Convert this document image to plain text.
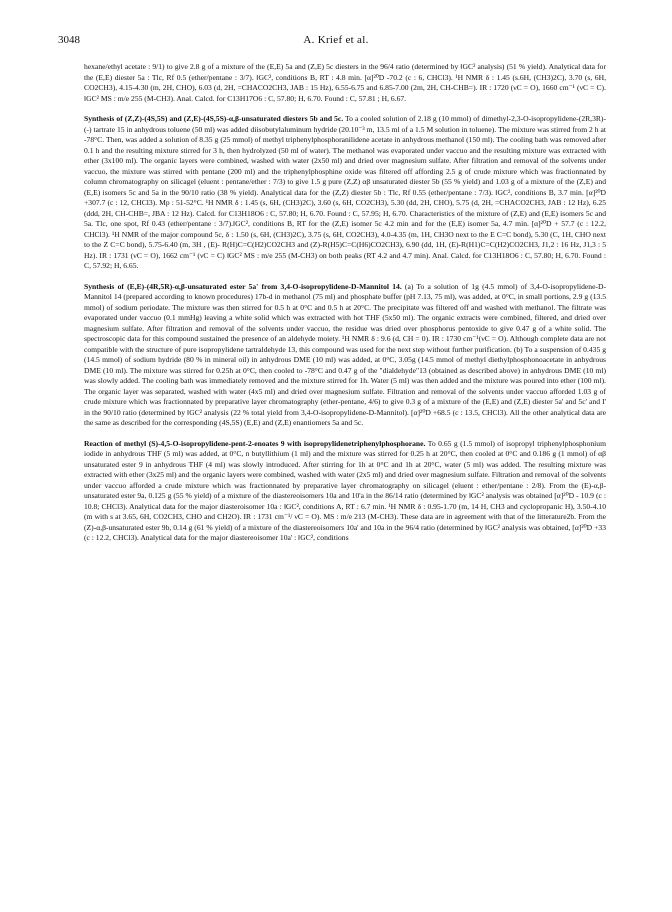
3048	A. Krief et al.

hexane/ethyl acetate : 9/1) to give 2.8 g of a mixture of the (E,E) 5a and (Z,E) 5c diesters in the 96/4 ratio (determined by ǁGC² analysis) (51 % yield). Analytical data for the (E,E) diester 5a : Tlc, Rf 0.5 (ether/pentane : 3/7). ǁGC², conditions B, RT : 4.8 min. [α]²⁰D -70.2 (c : 6, CHCl3). ¹H NMR δ : 1.45 (s.6H, (CH3)2C), 3.70 (s, 6H, CO2CH3), 4.15-4.30 (m, 2H, CHO), 6.03 (d, 2H, =CHACO2CH3, JAB : 15 Hz), 6.55-6.75 and 6.85-7.00 (2m, 2H, CH-CHB=). IR : 1720 (νC = O), 1660 cm⁻¹ (νC = C). ǁGC² MS : m/e 255 (M-CH3). Anal. Calcd. for C13H17O6 : C, 57.80; H, 6.70. Found : C, 57.81 ; H, 6.67.

Synthesis of (Z,Z)-(4S,5S) and (Z,E)-(4S,5S)-α,β-unsaturated diesters 5b and 5c. To a cooled solution of 2.18 g (10 mmol) of dimethyl-2,3-O-isopropylidene-(2R,3R)-(-) tartrate 15 in anhydrous toluene (50 ml) was added diisobutylaluminum hydride (20.10⁻³ m, 13.5 ml of a 1.5 M solution in toluene). The mixture was stirred from 2 h at -78°C. Then, was added a solution of 8.35 g (25 mmol) of methyl triphenylphosphoranilidene acetate in anhydrous methanol (150 ml). The cooling bath was removed after 0.1 h and the resulting mixture stirred for 3 h, then hydrolyzed (50 ml of water). The methanol was evaporated under vaccuo and the resulting mixture was extracted with ether (3x100 ml). The organic layers were combined, washed with water (2x50 ml) and dried over magnesium sulfate. After filtration and removal of the solvents under vaccuo, the mixture was stirred with pentane (200 ml) and the triphenylphosphine oxide was filtered off affording 2.5 g of crude mixture which was fractionnated by column chromatography on silicagel (eluent : pentane/ether : 7/3) to give 1.5 g pure (Z,Z) αβ unsaturated diester 5b (55 % yield) and 1.03 g of a mixture of the (Z,E) and (E,E) isomers 5c and 5a in the 90/10 ratio (38 % yield). Analytical data for the (Z,Z) diester 5b : Tlc, Rf 0.55 (ether/pentane : 7/3). ǁGC², conditions B, 3.7 min. [α]²⁰D +307.7 (c : 12, CHCl3). Mp : 51-52°C. ¹H NMR δ : 1.45 (s, 6H, (CH3)2C), 3.60 (s, 6H, CO2CH3), 5.30 (dd, 2H, CHO), 5.75 (d, 2H, =CHACO2CH3, JAB : 12 Hz), 6.25 (ddd, 2H, CH-CHB=, JBA : 12 Hz). Calcd. for C13H18O6 : C, 57.80; H, 6.70. Found : C, 57.95; H, 6.70. Characteristics of the mixture of (Z,E) and (E,E) isomers 5c and 5a. Tlc, one spot, Rf 0.43 (ether/pentane : 3/7).ǁGC², conditions B, RT for the (Z,E) isomer 5c 4.2 min and for the (E,E) isomer 5a, 4.7 min. [α]²⁰D + 57.7 (c : 12.2, CHCl3). ¹H NMR of the major compound 5c, δ : 1.50 (s, 6H, (CH3)2C), 3.75 (s, 6H, CO2CH3), 4.0-4.35 (m, 1H, CH3O next to the E C=C bond), 5.30 (C, 1H, CHO next to the Z C=C bond), 5.75-6.40 (m, 3H , (E)- R(H)C=C(H2)CO2CH3 and (Z)-R(H5)C=C(H6)CO2CH3), 6.90 (dd, 1H, (E)-R(H1)C=C(H2)CO2CH3, J1,2 : 16 Hz, J1,3 : 5 Hz). IR : 1731 (νC = O), 1662 cm⁻¹ (νC = C) ǁGC² MS : m/e 255 (M-CH3) on both peaks (RT 4.2 and 4.7 min). Anal. Calcd. for C13H18O6 : C, 57.80; H, 6.70. Found : C, 57.92; H, 6.65.

Synthesis of (E,E)-(4R,5R)-α,β-unsaturated ester 5a' from 3,4-O-isopropylidene-D-Mannitol 14. (a) To a solution of 1g (4.5 mmol) of 3,4-O-isopropylidene-D-Mannitol 14 (prepared according to known procedures) 17b-d in methanol (75 ml) and phosphate buffer (pH 7.13, 75 ml), was added, at 0°C, in small portions, 2.9 g (13.5 mmol) of sodium periodate. The mixture was then stirred for 0.5 h at 0°C and 0.5 h at 20°C. The precipitate was filtered off and washed with methanol. The filtrate was evaporated under vaccuo (0.1 mmHg) leaving a white solid which was extracted with hot THF (5x50 ml). The organic extracts were combined, filtered, and dried over magnesium sulfate. After filtration and removal of the solvents under vaccuo, the residue was dried over phosphorus pentoxide to give 0.47 g of a white solid. The spectroscopic data for this compound sustained the presence of an aldehyde moiety. ¹H NMR δ : 9.6 (d, CH = 0). IR : 1730 cm⁻¹(νC = O). Although complete data are not compatible with the structure of pure isopropylidene tartraldehyde 13, this compound was used for the next step without further purification. (b) To a suspension of 0.435 g (14.5 mmol) of sodium hydride (80 % in mineral oil) in anhydrous DME (10 ml) was added, at 0°C, 3.05g (14.5 mmol of methyl diethylphosphonoacetate in anhydrous DME (10 ml). The mixture was stirred for 0.25h at 0°C, then cooled to -78°C and 0.47 g of the "dialdehyde"13 (obtained as described above) in anhydrous DME (10 ml) was slowly added. The cooling bath was immediately removed and the mixture stirred for 1h. Water (5 ml) was then added and the mixture was poured into ether (100 ml). The organic layer was separated, washed with water (4x5 ml) and dried over magnesium sulfate. Filtration and removal of the solvents under vaccuo afforded 1.03 g of crude mixture which was fractionnated by preparative layer chromatography (ether-pentane, 4/6) to give 0.3 g of a mixture of the (E,E) and (Z,E) diester 5a' and 5c' and I' in the 90/10 ratio (determined by ǁGC² analysis (22 % total yield from 3,4-O-isopropylidene-D-Mannitol). [α]²⁰D +68.5 (c : 13.5, CHCl3). All the other analytical data are the same as described for the corresponding (4S,5S) (E,E) and (Z,E) enantiomers 5a and 5c.

Reaction of methyl (S)-4,5-O-isopropylidene-pent-2-enoates 9 with isopropylidenetriphenylphosphorane. To 0.65 g (1.5 mmol) of isopropyl triphenylphosphonium iodide in anhydrous THF (5 ml) was added, at 0°C, n butyllithium (1 ml) and the mixture was stirred for 0.25 h at 20°C, then cooled at 0°C and 0.186 g (1 mmol) of αβ unsaturated ester 9 in anhydrous THF (4 ml) was slowly introduced. After stirring for 1h at 0°C and 1h at 20°C, water (5 ml) was added. The resulting mixture was extracted with ether (3x25 ml) and the organic layers were combined, washed with water (2x5 ml) and dried over magnesium sulfate. Filtration and removal of the solvents under vaccuo afforded a crude mixture which was fractionnated by preparative layer chromatography on silicagel (eluent : ether/pentane : 2/8). From the (E)-α,β-unsaturated ester 9a, 0.125 g (55 % yield) of a mixture of the diastereoisomers 10a and 10'a in the 86/14 ratio (determined by ǁGC² analysis was obtained [α]²⁰D - 10.9 (c : 10.8; CHCl3). Analytical data for the major diasteroisomer 10a : ǁGC², conditions A, RT : 6.7 min. ¹H NMR δ : 0.95-1.70 (m, 14 H, CH3 and cyclopropanic H), 3.50-4.10 (m with s at 3.65, 6H, CO2CH3, CHO and CH2O). IR : 1731 cm⁻¹/ νC = O). MS : m/e 213 (M-CH3). These data are in agreement with that of the litterature2b. From the (Z)-α,β-unsaturated ester 9b, 0.14 g (61 % yield) of a mixture of the diastereoisomers 10a' and 10a in the 96/4 ratio (determined by ǁGC² analysis was obtained, [α]²⁰D +33 (c : 12.2, CHCl3). Analytical data for the major diastereoisomer 10a' : ǁGC², conditions
